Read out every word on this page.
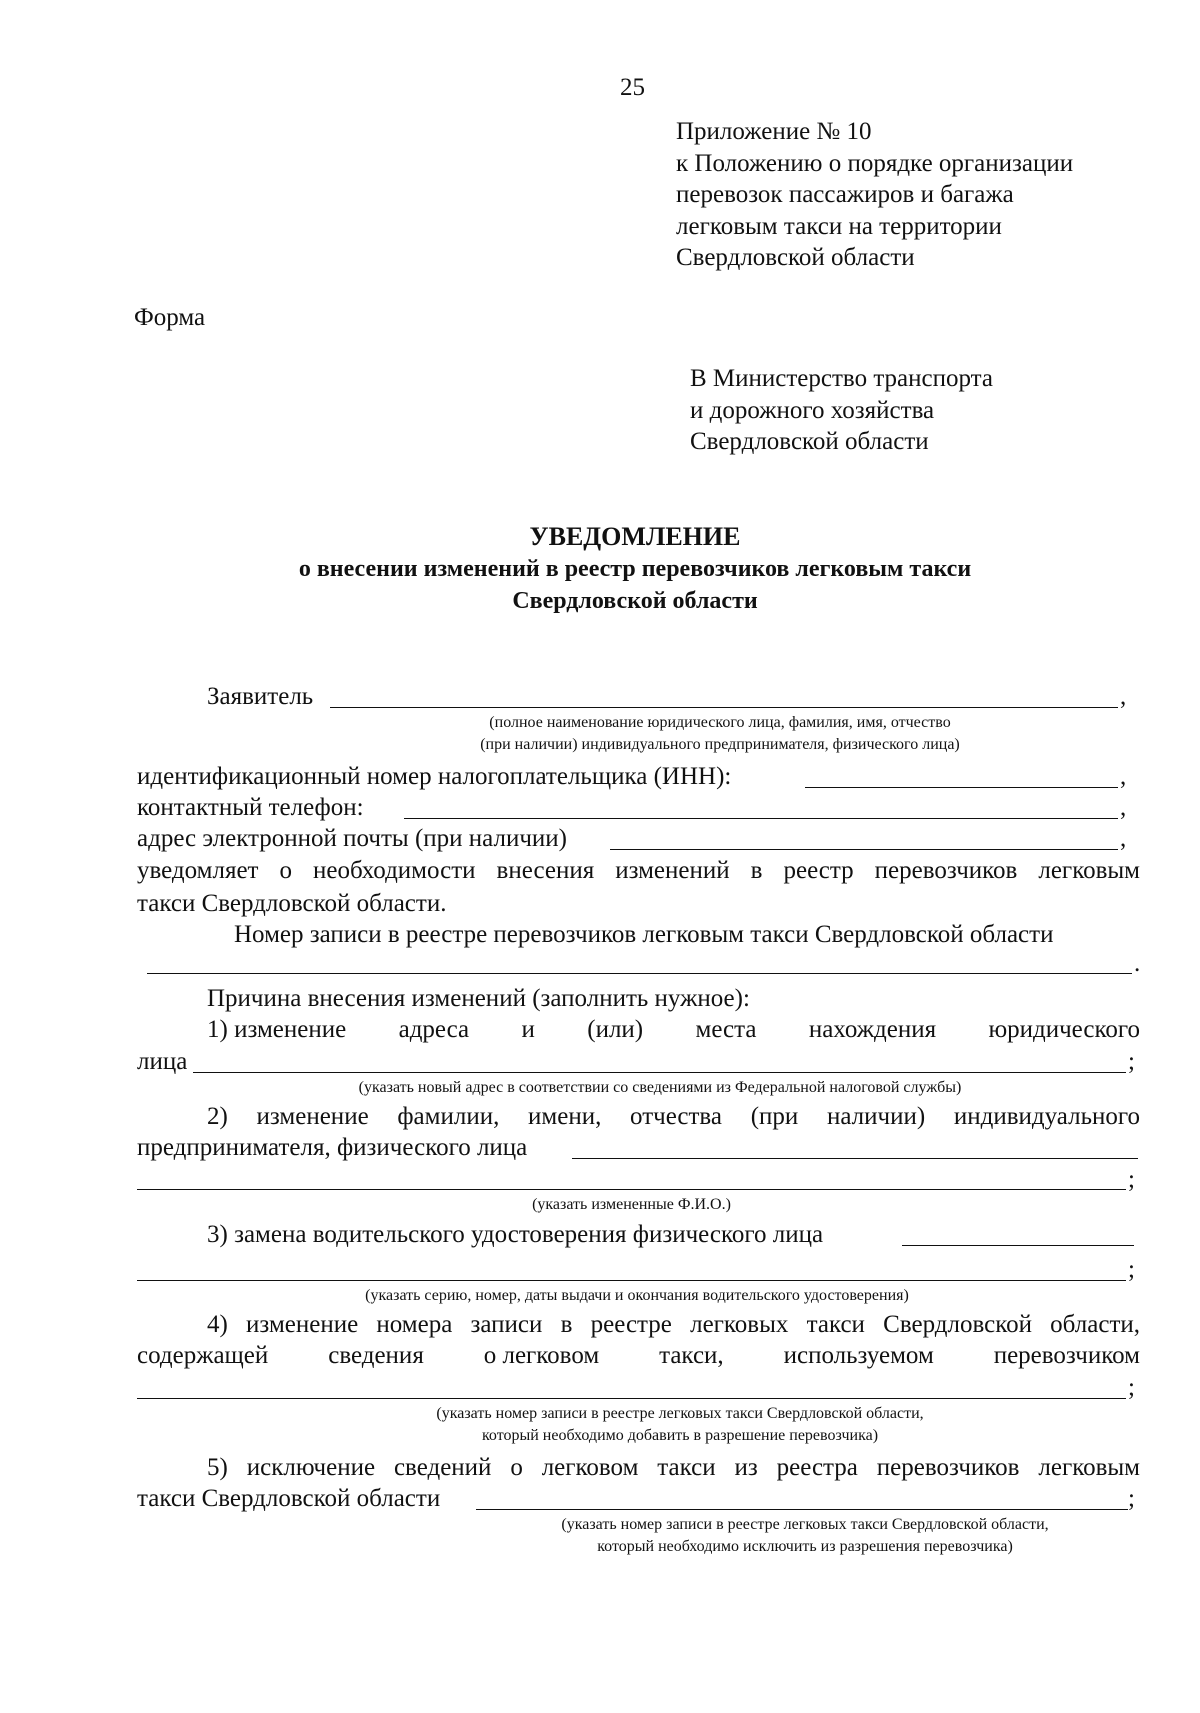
25
Приложение № 10
к Положению о порядке организации
перевозок пассажиров и багажа
легковым такси на территории
Свердловской области
Форма
В Министерство транспорта
и дорожного хозяйства
Свердловской области
УВЕДОМЛЕНИЕ
о внесении изменений в реестр перевозчиков легковым такси
Свердловской области
Заявитель	,
(полное наименование юридического лица, фамилия, имя, отчество
(при наличии) индивидуального предпринимателя, физического лица)
идентификационный номер налогоплательщика (ИНН):	,
контактный телефон:	,
адрес электронной почты (при наличии)	,
уведомляет о необходимости внесения изменений в реестр перевозчиков легковым
такси Свердловской области.
Номер записи в реестре перевозчиков легковым такси Свердловской области
.
Причина внесения изменений (заполнить нужное):
1) изменение адреса и (или) места нахождения юридического
лица	;
(указать новый адрес в соответствии со сведениями из Федеральной налоговой службы)
2) изменение фамилии, имени, отчества (при наличии) индивидуального
предпринимателя, физического лица
;
(указать измененные Ф.И.О.)
3) замена водительского удостоверения физического лица
;
(указать серию, номер, даты выдачи и окончания водительского удостоверения)
4) изменение номера записи в реестре легковых такси Свердловской области,
содержащей сведения о легковом такси, используемом перевозчиком
;
(указать номер записи в реестре легковых такси Свердловской области,
который необходимо добавить в разрешение перевозчика)
5) исключение сведений о легковом такси из реестра перевозчиков легковым
такси Свердловской области	;
(указать номер записи в реестре легковых такси Свердловской области,
который необходимо исключить из разрешения перевозчика)
